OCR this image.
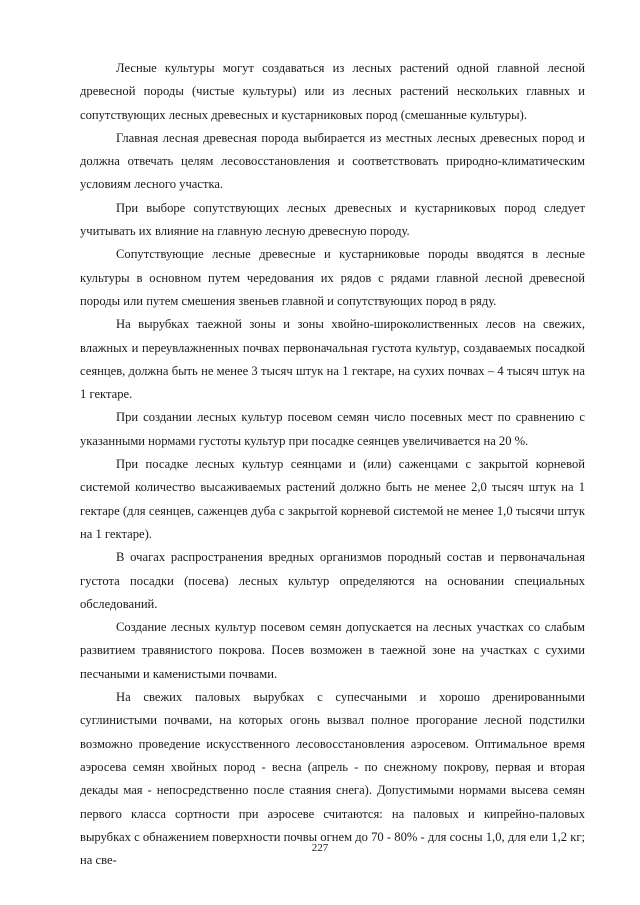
Лесные культуры могут создаваться из лесных растений одной главной лесной древесной породы (чистые культуры) или из лесных растений нескольких главных и сопутствующих лесных древесных и кустарниковых пород (смешанные культуры).

Главная лесная древесная порода выбирается из местных лесных древесных пород и должна отвечать целям лесовосстановления и соответствовать природно-климатическим условиям лесного участка.

При выборе сопутствующих лесных древесных и кустарниковых пород следует учитывать их влияние на главную лесную древесную породу.

Сопутствующие лесные древесные и кустарниковые породы вводятся в лесные культуры в основном путем чередования их рядов с рядами главной лесной древесной породы или путем смешения звеньев главной и сопутствующих пород в ряду.

На вырубках таежной зоны и зоны хвойно-широколиственных лесов на свежих, влажных и переувлажненных почвах первоначальная густота культур, создаваемых посадкой сеянцев, должна быть не менее 3 тысяч штук на 1 гектаре, на сухих почвах – 4 тысяч штук на 1 гектаре.

При создании лесных культур посевом семян число посевных мест по сравнению с указанными нормами густоты культур при посадке сеянцев увеличивается на 20 %.

При посадке лесных культур сеянцами и (или) саженцами с закрытой корневой системой количество высаживаемых растений должно быть не менее 2,0 тысяч штук на 1 гектаре (для сеянцев, саженцев дуба с закрытой корневой системой не менее 1,0 тысячи штук на 1 гектаре).

В очагах распространения вредных организмов породный состав и первоначальная густота посадки (посева) лесных культур определяются на основании специальных обследований.

Создание лесных культур посевом семян допускается на лесных участках со слабым развитием травянистого покрова. Посев возможен в таежной зоне на участках с сухими песчаными и каменистыми почвами.

На свежих паловых вырубках с супесчаными и хорошо дренированными суглинистыми почвами, на которых огонь вызвал полное прогорание лесной подстилки возможно проведение искусственного лесовосстановления аэросевом. Оптимальное время аэросева семян хвойных пород - весна (апрель - по снежному покрову, первая и вторая декады мая - непосредственно после стаяния снега). Допустимыми нормами высева семян первого класса сортности при аэросеве считаются: на паловых и кипрейно-паловых вырубках с обнажением поверхности почвы огнем до 70 - 80% - для сосны 1,0, для ели 1,2 кг; на све-

227
